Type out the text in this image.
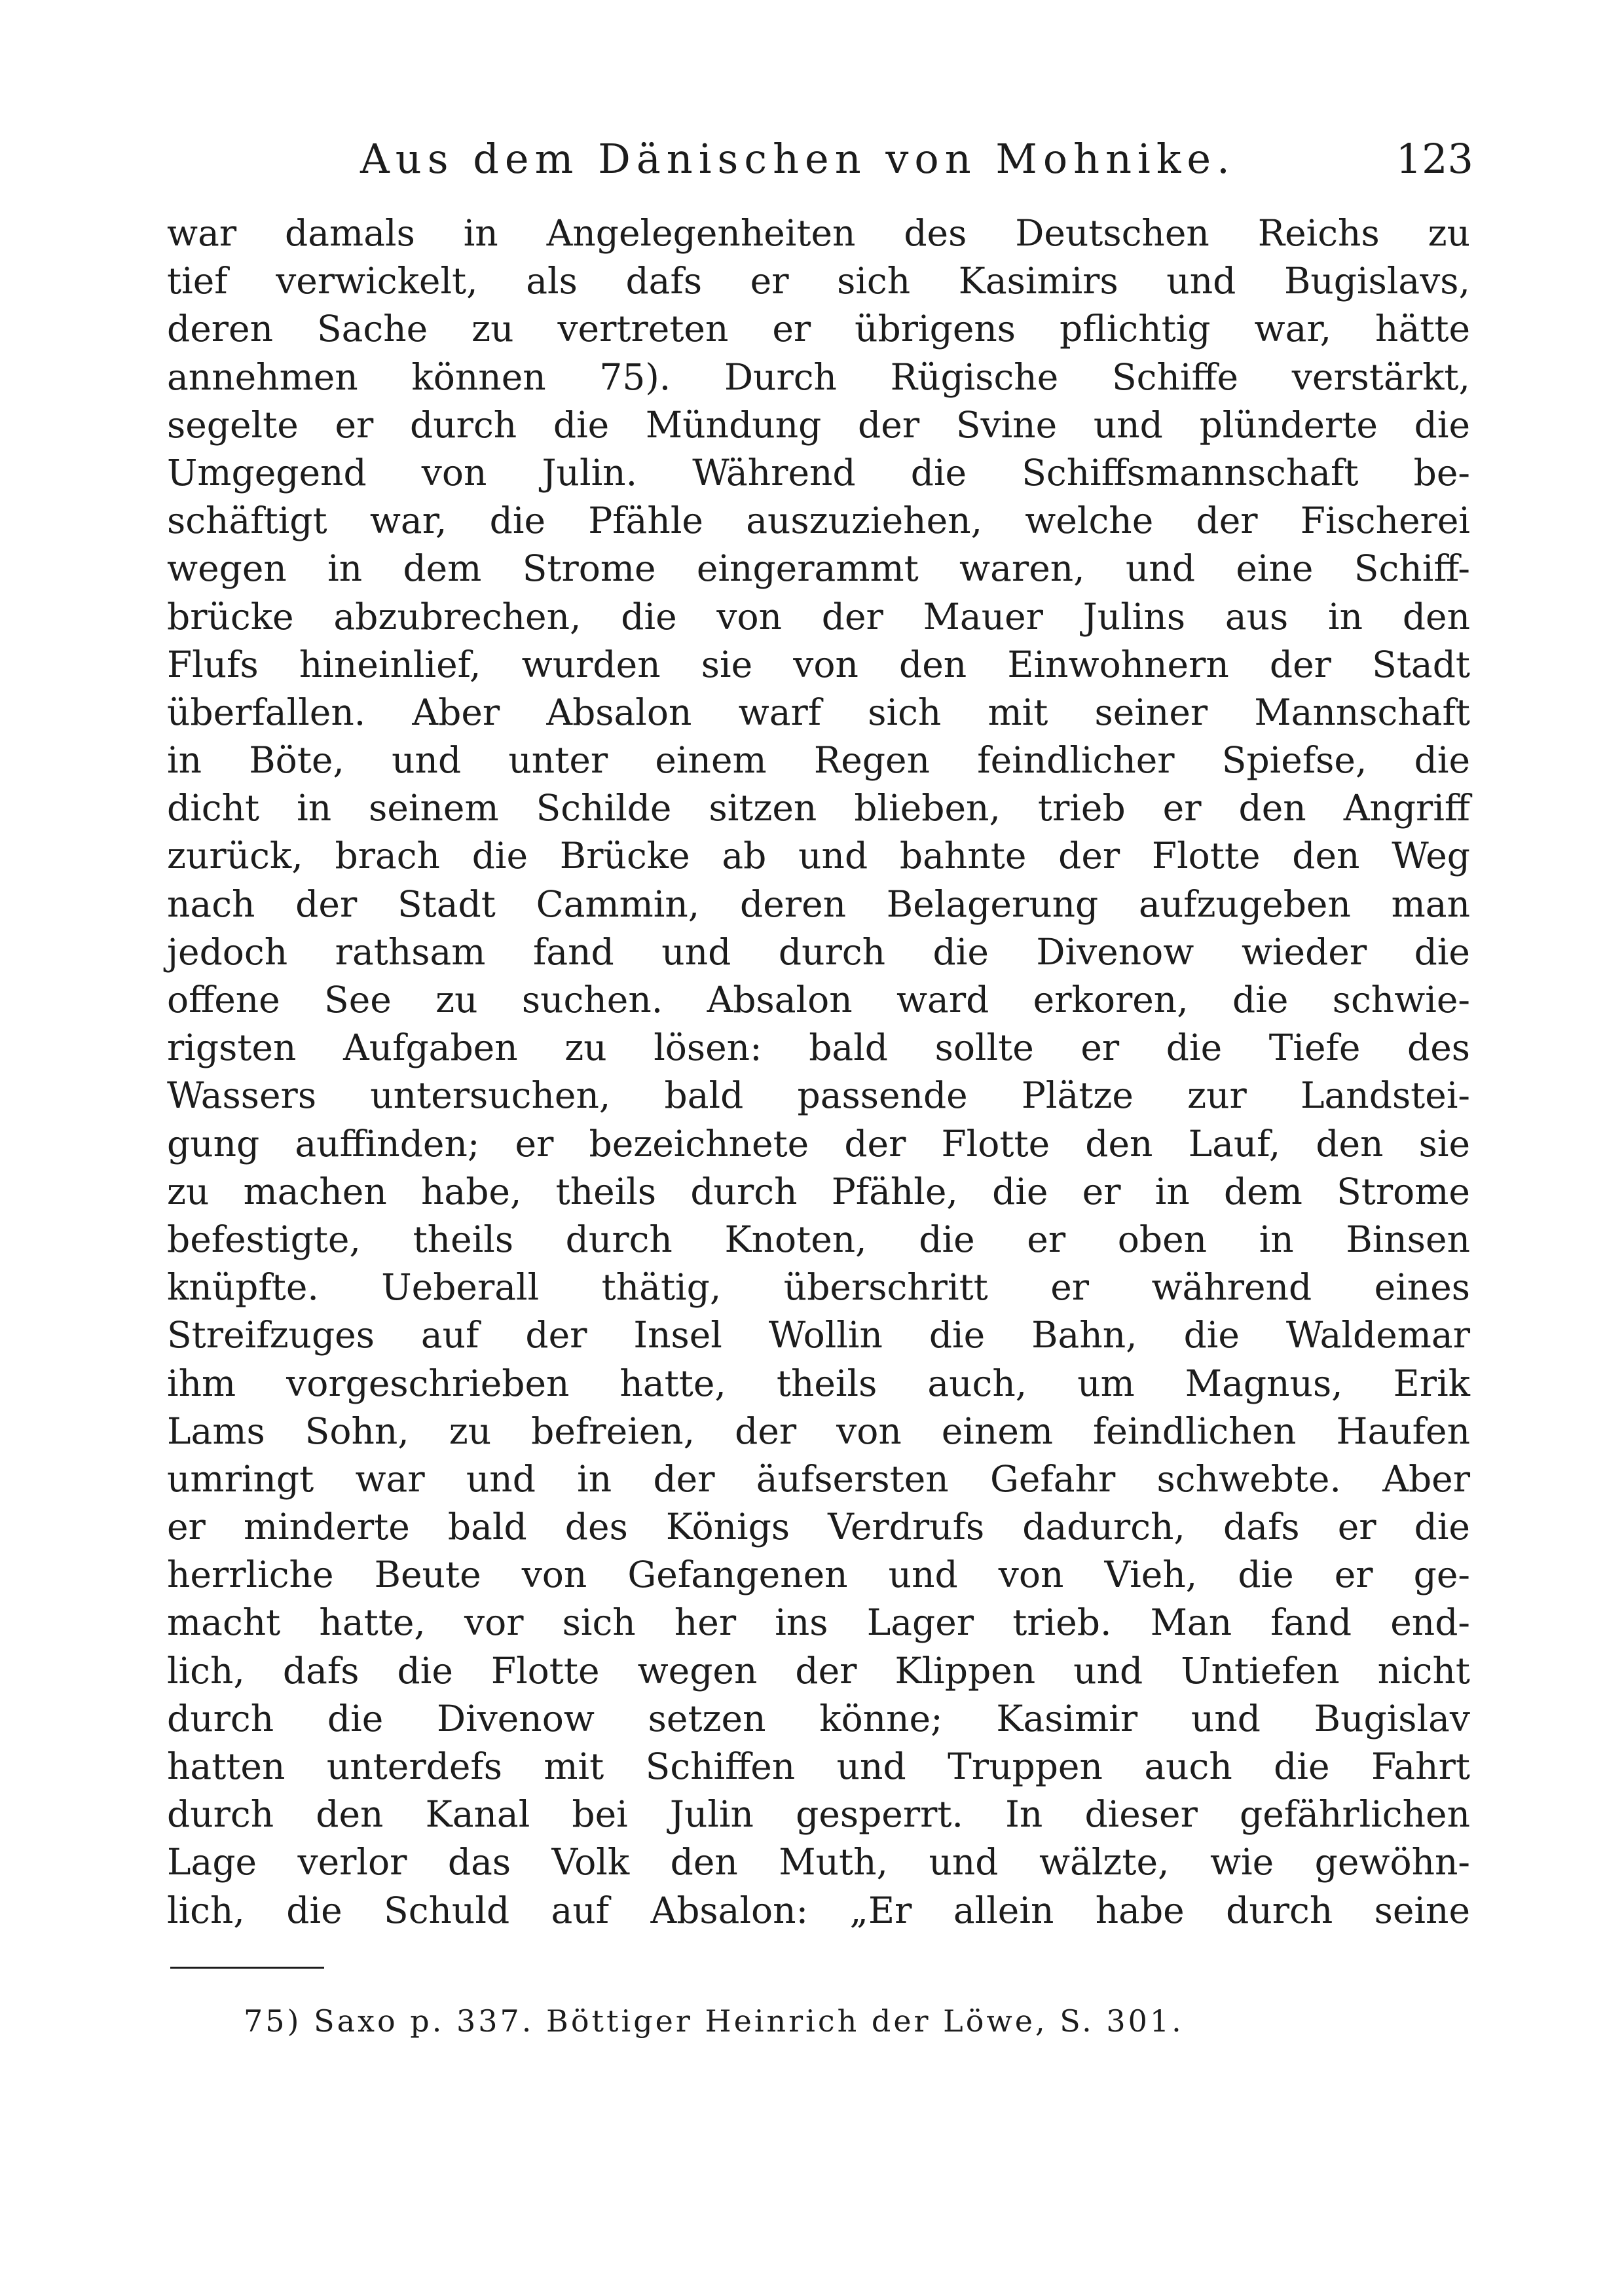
Aus dem Dänischen von Mohnike.	123
war damals in Angelegenheiten des Deutschen Reichs zu
tief verwickelt, als dafs er sich Kasimirs und Bugislavs,
deren Sache zu vertreten er übrigens pflichtig war, hätte
annehmen können 75). Durch Rügische Schiffe verstärkt,
segelte er durch die Mündung der Svine und plünderte die
Umgegend von Julin. Während die Schiffsmannschaft be-
schäftigt war, die Pfähle auszuziehen, welche der Fischerei
wegen in dem Strome eingerammt waren, und eine Schiff-
brücke abzubrechen, die von der Mauer Julins aus in den
Flufs hineinlief, wurden sie von den Einwohnern der Stadt
überfallen. Aber Absalon warf sich mit seiner Mannschaft
in Böte, und unter einem Regen feindlicher Spiefse, die
dicht in seinem Schilde sitzen blieben, trieb er den Angriff
zurück, brach die Brücke ab und bahnte der Flotte den Weg
nach der Stadt Cammin, deren Belagerung aufzugeben man
jedoch rathsam fand und durch die Divenow wieder die
offene See zu suchen. Absalon ward erkoren, die schwie-
rigsten Aufgaben zu lösen: bald sollte er die Tiefe des
Wassers untersuchen, bald passende Plätze zur Landstei-
gung auffinden; er bezeichnete der Flotte den Lauf, den sie
zu machen habe, theils durch Pfähle, die er in dem Strome
befestigte, theils durch Knoten, die er oben in Binsen
knüpfte. Ueberall thätig, überschritt er während eines
Streifzuges auf der Insel Wollin die Bahn, die Waldemar
ihm vorgeschrieben hatte, theils auch, um Magnus, Erik
Lams Sohn, zu befreien, der von einem feindlichen Haufen
umringt war und in der äufsersten Gefahr schwebte. Aber
er minderte bald des Königs Verdrufs dadurch, dafs er die
herrliche Beute von Gefangenen und von Vieh, die er ge-
macht hatte, vor sich her ins Lager trieb. Man fand end-
lich, dafs die Flotte wegen der Klippen und Untiefen nicht
durch die Divenow setzen könne; Kasimir und Bugislav
hatten unterdefs mit Schiffen und Truppen auch die Fahrt
durch den Kanal bei Julin gesperrt. In dieser gefährlichen
Lage verlor das Volk den Muth, und wälzte, wie gewöhn-
lich, die Schuld auf Absalon: „Er allein habe durch seine
75) Saxo p. 337. Böttiger Heinrich der Löwe, S. 301.
